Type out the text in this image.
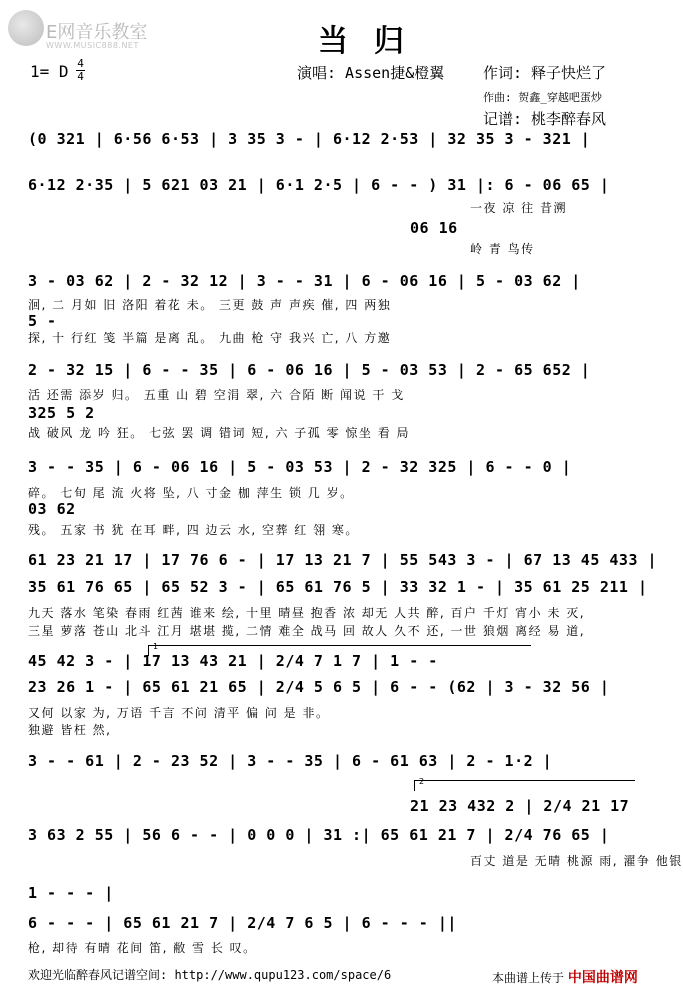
E网音乐教室
WWW.MUSIC888.NET	当归
1= D 4
4	演唱: Assen捷&橙翼	作词: 释子快烂了
作曲: 贺鑫_穿越吧蛋炒
记谱: 桃李醉春风
(0 321 | 6·56 6·53 | 3 35 3 - | 6·12 2·53 | 32 35 3 - 321 |
6·12 2·35 | 5 621 03 21 | 6·1 2·5 | 6 - - ) 31 |: 6 - 06 65 |
一夜 凉 往 昔溯
06 16
岭 青 鸟传
3 - 03 62 | 2 - 32 12 | 3 - - 31 | 6 - 06 16 | 5 - 03 62 |
洄, 二 月如 旧 洛阳 着花 未。 三更 鼓 声 声疾 催, 四 两独
5 -
探, 十 行红 笺 半篇 是离 乱。 九曲 枪 守 我兴 亡, 八 方邀
2 - 32 15 | 6 - - 35 | 6 - 06 16 | 5 - 03 53 | 2 - 65 652 |
活 还需 添岁 归。 五重 山 碧 空涓 翠, 六 合陌 断 闻说 干 戈
325 5 2
战 破风 龙 吟 狂。 七弦 罢 调 错词 短, 六 子孤 零 惊坐 看 局
3 - - 35 | 6 - 06 16 | 5 - 03 53 | 2 - 32 325 | 6 - - 0 |
碎。 七旬 尾 流 火将 坠, 八 寸金 枷 萍生 锁 几 岁。
03 62
残。 五家 书 犹 在耳 畔, 四 边云 水, 空葬 红 翎 寒。
61 23 21 17 | 17 76 6 - | 17 13 21 7 | 55 543 3 - | 67 13 45 433 |
35 61 76 65 | 65 52 3 - | 65 61 76 5 | 33 32 1 - | 35 61 25 211 |
九天 落水 笔染 春雨 红茜 谁来 绘, 十里 晴昼 抱香 浓 却无 人共 醉, 百户 千灯 宵小 未 灭,
三星 萝落 苍山 北斗 江月 堪堪 揽, 二情 难全 战马 回 故人 久不 还, 一世 狼烟 离经 易 道,
45 42 3 - | 17 13 43 21 | 2/4 7 1 7 | 1 - -
23 26 1 - | 65 61 21 65 | 2/4 5 6 5 | 6 - - (62 | 3 - 32 56 |
又何 以家 为, 万语 千言 不问 清平 偏 问 是 非。
独避 皆枉 然,
3 - - 61 | 2 - 23 52 | 3 - - 35 | 6 - 61 63 | 2 - 1·2 |
21 23 432 2 | 2/4 21 17
3 63 2 55 | 56 6 - - | 0 0 0 | 31 :| 65 61 21 7 | 2/4 76 65 |
百丈 道是 无晴 桃源 雨, 濯争 他银
1 - - - |
6 - - - | 65 61 21 7 | 2/4 7 6 5 | 6 - - - ||
枪, 却待 有晴 花间 笛, 敝 雪 长 叹。
1
2
欢迎光临醉春风记谱空间: http://www.qupu123.com/space/6	本曲谱上传于 中国曲谱网
